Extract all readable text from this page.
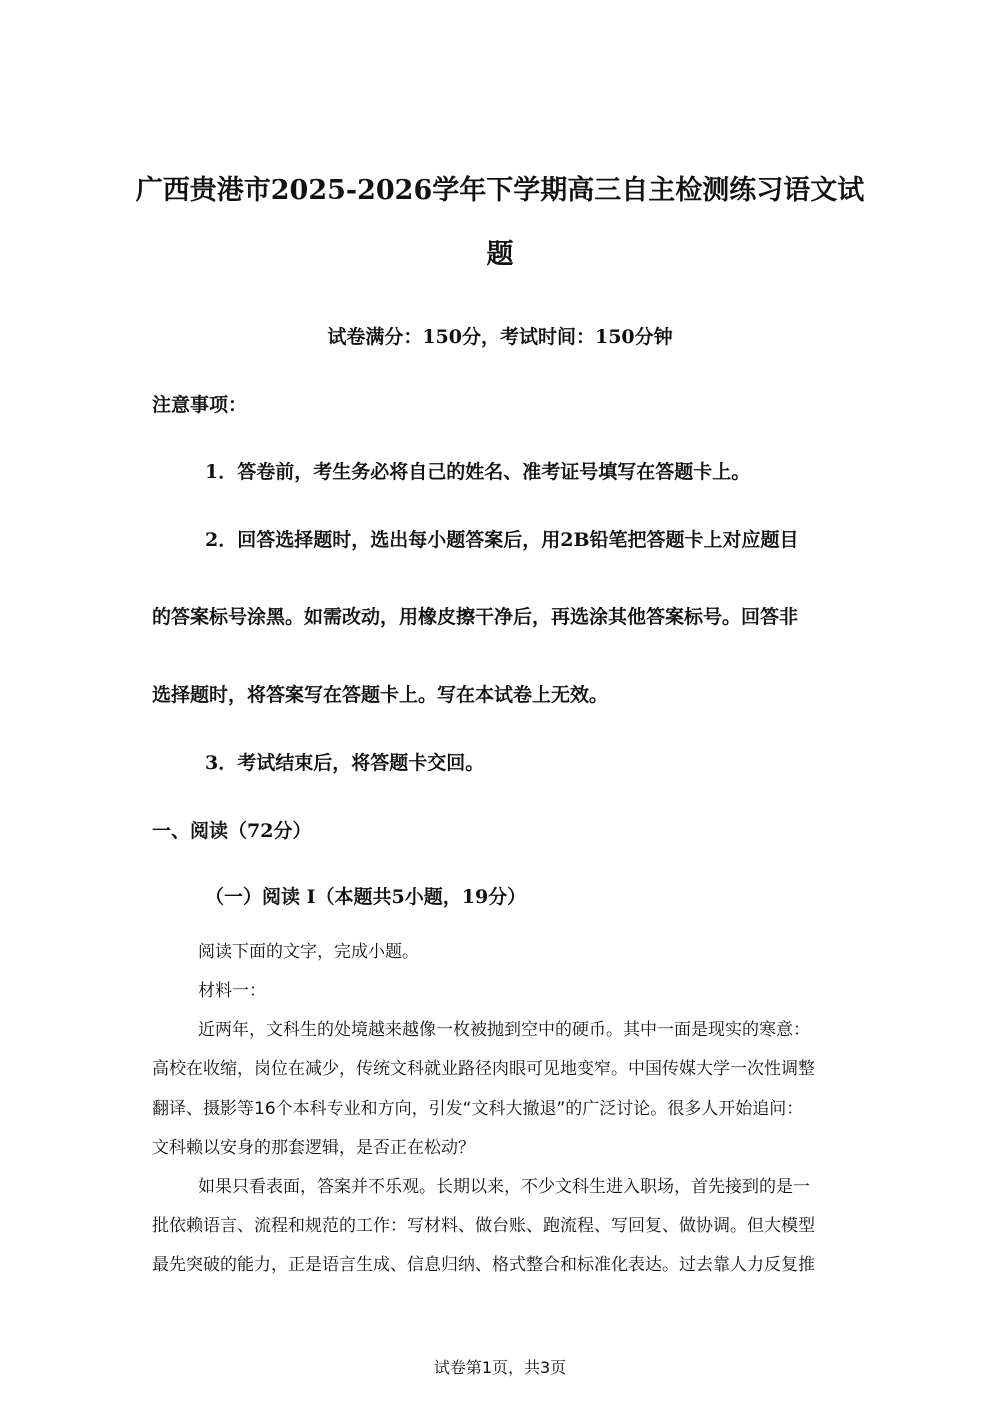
广西贵港市2025-2026学年下学期高三自主检测练习语文试
题
试卷满分：150分，考试时间：150分钟
注意事项：
1．答卷前，考生务必将自己的姓名、准考证号填写在答题卡上。
2．回答选择题时，选出每小题答案后，用2B铅笔把答题卡上对应题目
的答案标号涂黑。如需改动，用橡皮擦干净后，再选涂其他答案标号。回答非
选择题时，将答案写在答题卡上。写在本试卷上无效。
3．考试结束后，将答题卡交回。
一、阅读（72分）
（一）阅读 I（本题共5小题，19分）
阅读下面的文字，完成小题。
材料一：
近两年，文科生的处境越来越像一枚被抛到空中的硬币。其中一面是现实的寒意：
高校在收缩，岗位在减少，传统文科就业路径肉眼可见地变窄。中国传媒大学一次性调整
翻译、摄影等16个本科专业和方向，引发“文科大撤退”的广泛讨论。很多人开始追问：
文科赖以安身的那套逻辑，是否正在松动？
如果只看表面，答案并不乐观。长期以来，不少文科生进入职场，首先接到的是一
批依赖语言、流程和规范的工作：写材料、做台账、跑流程、写回复、做协调。但大模型
最先突破的能力，正是语言生成、信息归纳、格式整合和标准化表达。过去靠人力反复推
试卷第1页，共3页
